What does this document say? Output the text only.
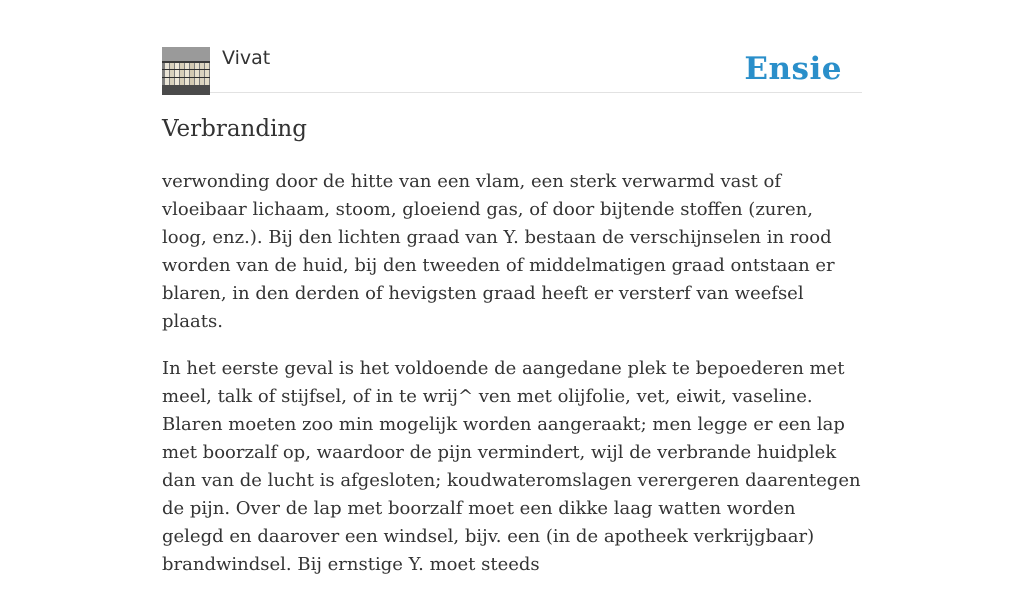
Vivat	Ensie
Verbranding

verwonding door de hitte van een vlam, een sterk verwarmd vast of vloeibaar lichaam, stoom, gloeiend gas, of door bijtende stoffen (zuren, loog, enz.). Bij den lichten graad van Y. bestaan de verschijnselen in rood worden van de huid, bij den tweeden of middelmatigen graad ontstaan er blaren, in den derden of hevigsten graad heeft er versterf van weefsel plaats.

In het eerste geval is het voldoende de aangedane plek te bepoederen met meel, talk of stijfsel, of in te wrij^ ven met olijfolie, vet, eiwit, vaseline. Blaren moeten zoo min mogelijk worden aangeraakt; men legge er een lap met boorzalf op, waardoor de pijn vermindert, wijl de verbrande huidplek dan van de lucht is afgesloten; koudwateromslagen verergeren daarentegen de pijn. Over de lap met boorzalf moet een dikke laag watten worden gelegd en daarover een windsel, bijv. een (in de apotheek verkrijgbaar) brandwindsel. Bij ernstige Y. moet steeds
